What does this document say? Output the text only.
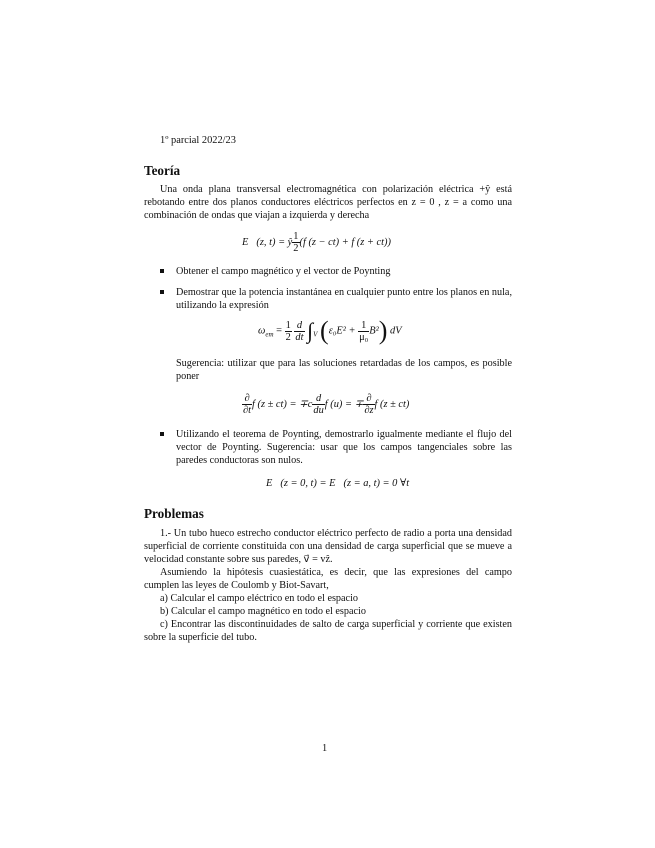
1º parcial 2022/23
Teoría

Una onda plana transversal electromagnética con polarización eléctrica +ŷ está rebotando entre dos planos conductores eléctricos perfectos en z = 0 , z = a como una combinación de ondas que viajan a izquierda y derecha

E⃗(z, t) = ŷ $\frac{1}{2} (f$ (z − ct) + f (z + ct))
Obtener el campo magnético y el vector de Poynting
Demostrar que la potencia instantánea en cualquier punto entre los planos en nula, utilizando la expresión
$\omega_{em} = \frac{1}{2}$
$\frac{d}{dt} \int_V$ $(\varepsilon_0E^2 + \frac{1}{\text{μ₀}} B^2)$ dV

Sugerencia: utilizar que para las soluciones retardadas de los campos, es posible poner

$\frac{\partial}{\partial t}$ f $(z \pm ct) = \mp c \frac{d}{du}$ f (u) = ∓ $\frac{\partial}{\partial z}$ f (z ± ct)
Utilizando el teorema de Poynting, demostrarlo igualmente mediante el flujo del vector de Poynting. Sugerencia: usar que los campos tangenciales sobre las paredes conductoras son nulos.
E⃗(z = 0, t) = E⃗(z = a, t) = 0 ∀t
Problemas

1.- Un tubo hueco estrecho conductor eléctrico perfecto de radio a porta una densidad superficial de corriente constituida con una densidad de carga superficial que se mueve a velocidad constante sobre sus paredes, v⃗ = vẑ.

Asumiendo la hipótesis cuasiestática, es decir, que las expresiones del campo cumplen las leyes de Coulomb y Biot-Savart,

a) Calcular el campo eléctrico en todo el espacio

b) Calcular el campo magnético en todo el espacio

c) Encontrar las discontinuidades de salto de carga superficial y corriente que existen sobre la superficie del tubo.

1
